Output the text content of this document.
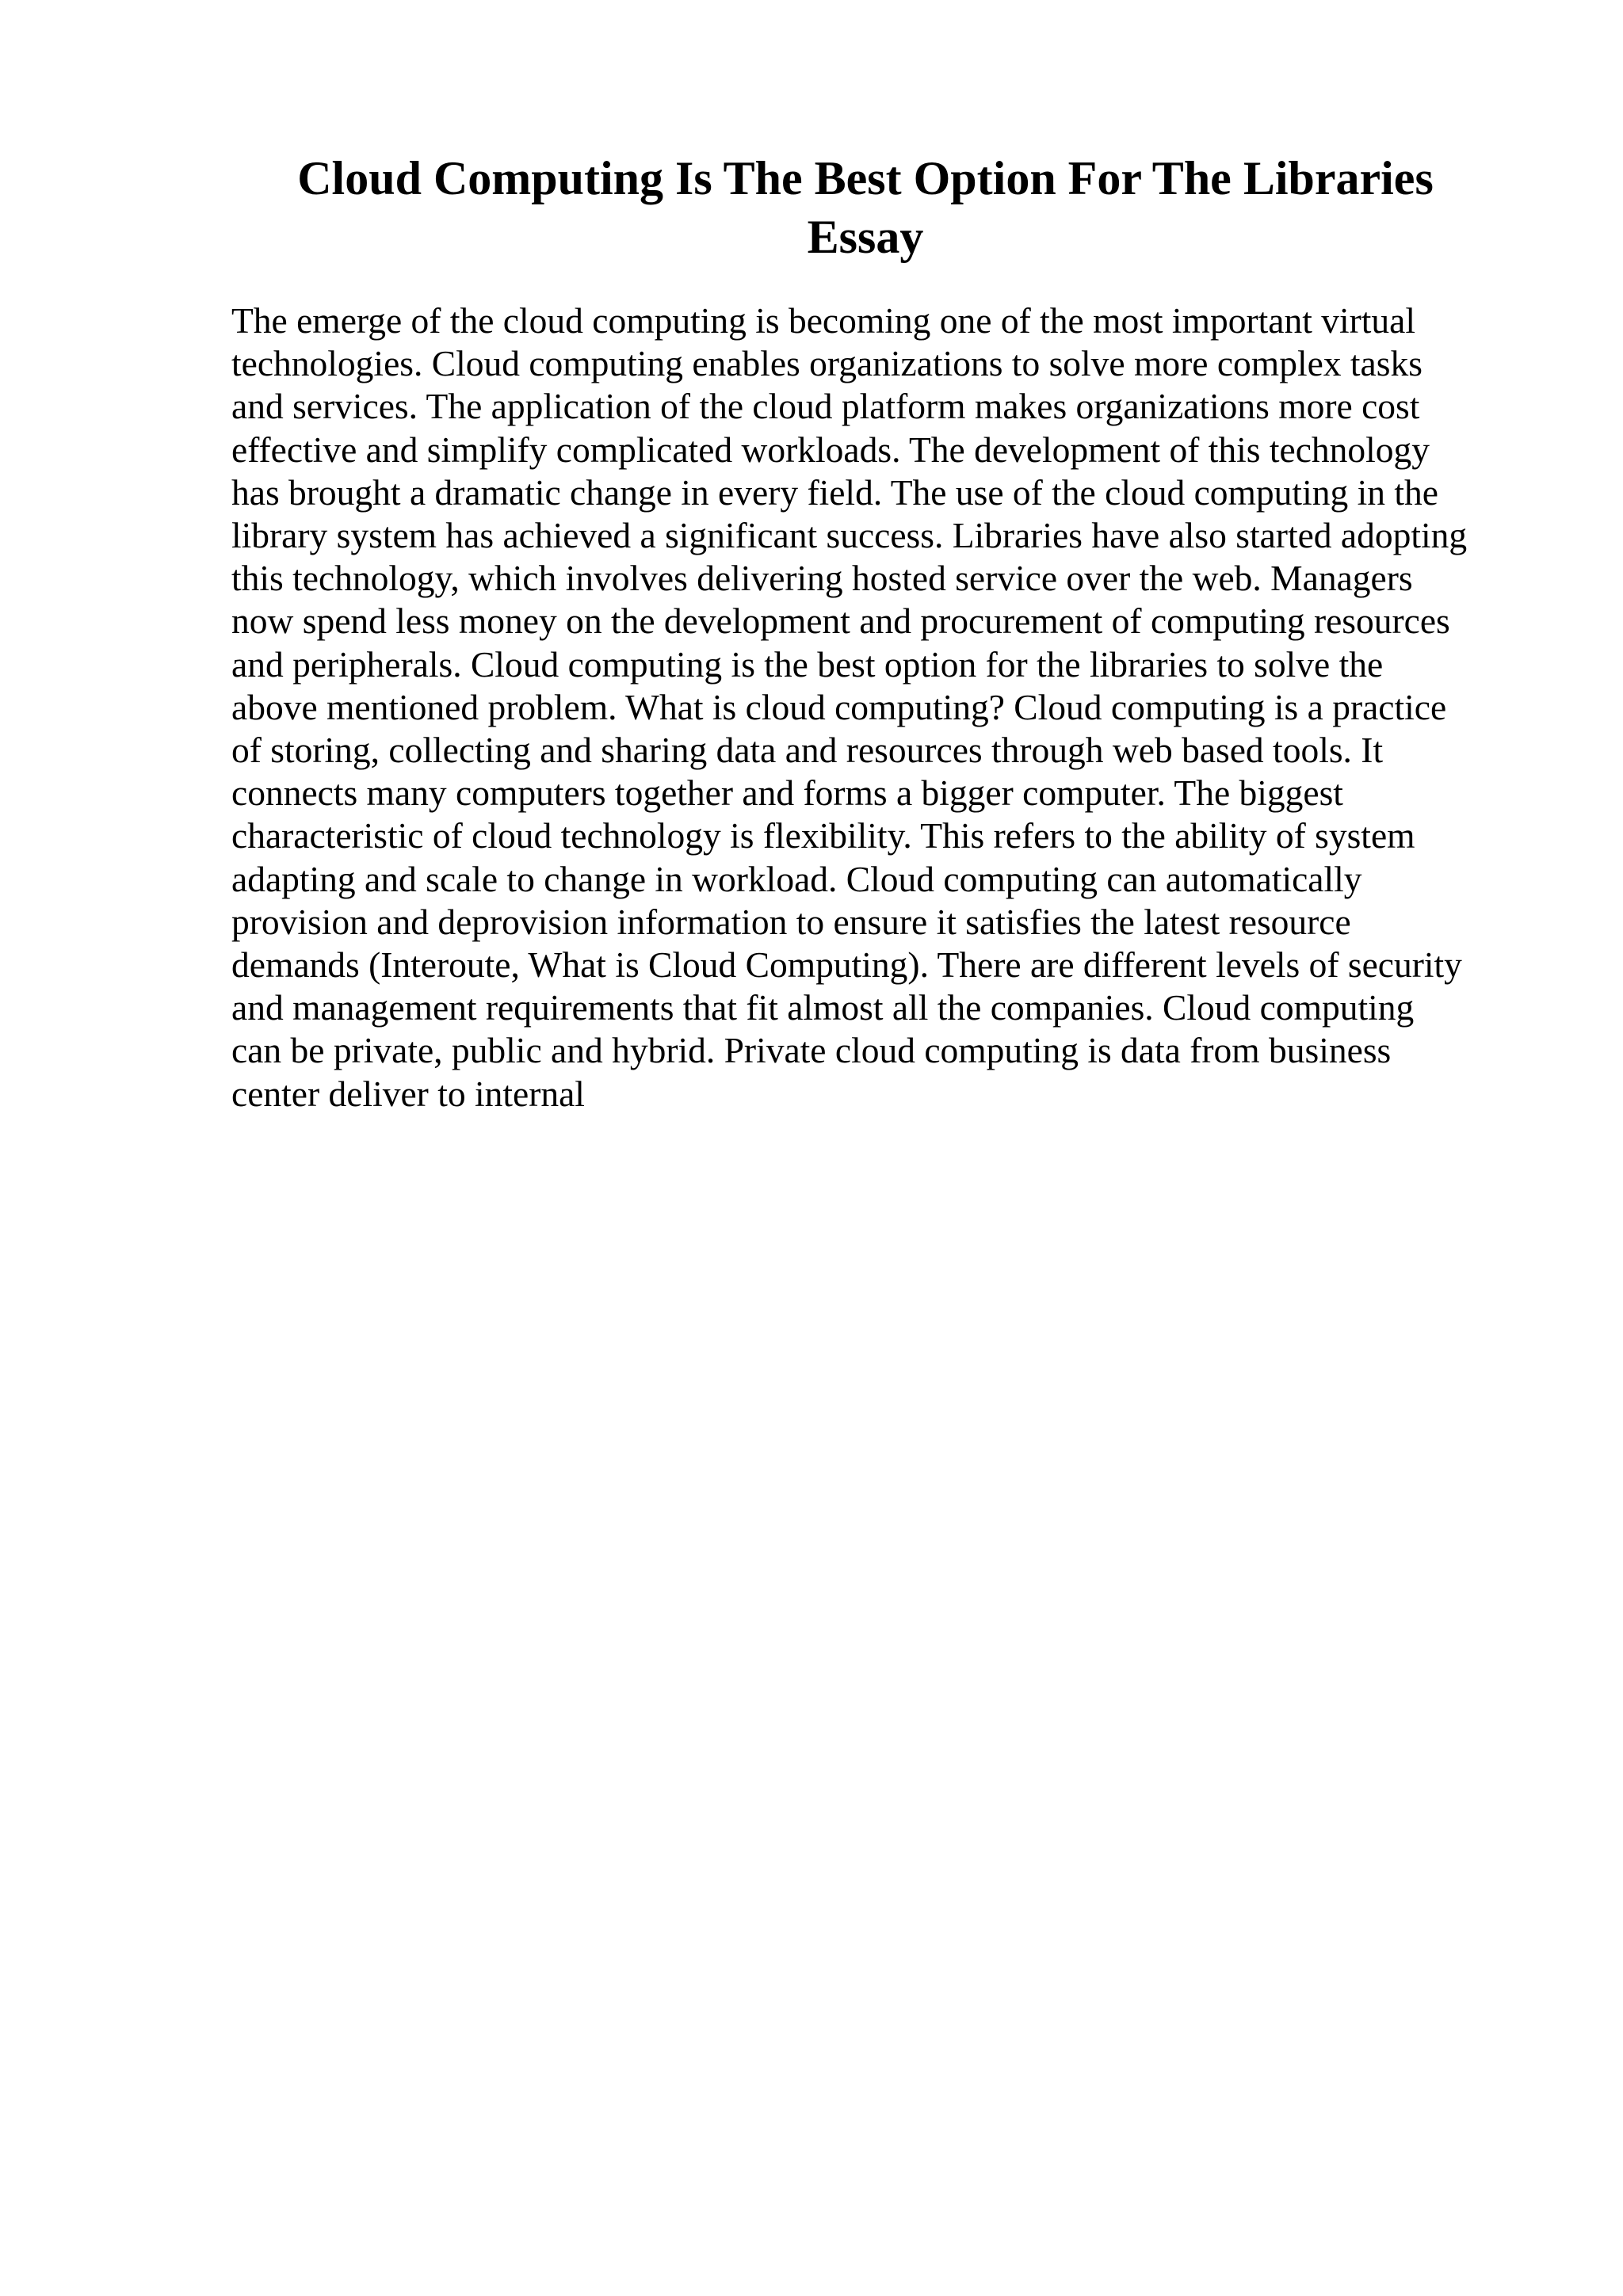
Cloud Computing Is The Best Option For The Libraries
Essay
The emerge of the cloud computing is becoming one of the most important virtual
technologies. Cloud computing enables organizations to solve more complex tasks
and services. The application of the cloud platform makes organizations more cost
effective and simplify complicated workloads. The development of this technology
has brought a dramatic change in every field. The use of the cloud computing in the
library system has achieved a significant success. Libraries have also started adopting
this technology, which involves delivering hosted service over the web. Managers
now spend less money on the development and procurement of computing resources
and peripherals. Cloud computing is the best option for the libraries to solve the
above mentioned problem. What is cloud computing? Cloud computing is a practice
of storing, collecting and sharing data and resources through web based tools. It
connects many computers together and forms a bigger computer. The biggest
characteristic of cloud technology is flexibility. This refers to the ability of system
adapting and scale to change in workload. Cloud computing can automatically
provision and deprovision information to ensure it satisfies the latest resource
demands (Interoute, What is Cloud Computing). There are different levels of security
and management requirements that fit almost all the companies. Cloud computing
can be private, public and hybrid. Private cloud computing is data from business
center deliver to internal
